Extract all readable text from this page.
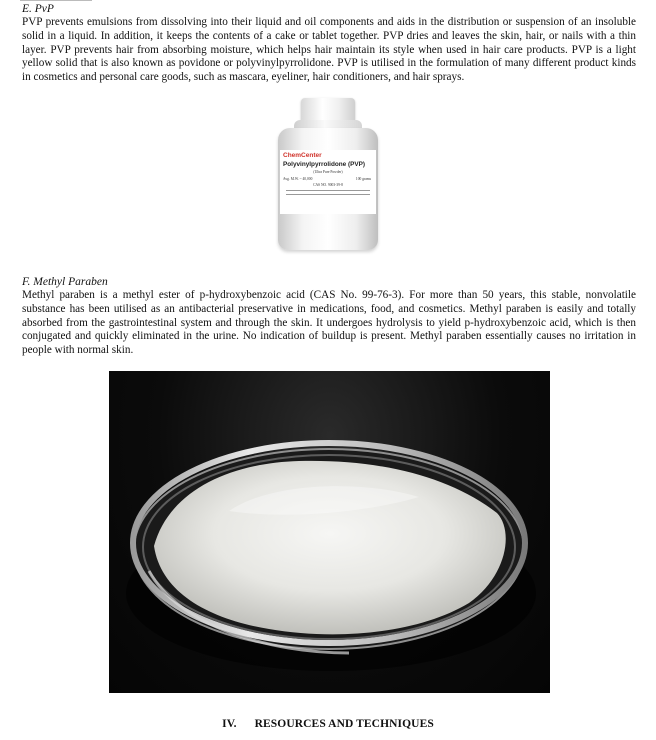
E. PvP

PVP prevents emulsions from dissolving into their liquid and oil components and aids in the distribution or suspension of an insoluble solid in a liquid. In addition, it keeps the contents of a cake or tablet together. PVP dries and leaves the skin, hair, or nails with a thin layer. PVP prevents hair from absorbing moisture, which helps hair maintain its style when used in hair care products. PVP is a light yellow solid that is also known as povidone or polyvinylpyrrolidone. PVP is utilised in the formulation of many different product kinds in cosmetics and personal care goods, such as mascara, eyeliner, hair conditioners, and hair sprays.

ChemCenter
Polyvinylpyrrolidone (PVP)
(Ultra Pure Powder)
Avg. M.W. ~ 40,000	100 grams
CAS NO. 9003-39-8
F. Methyl Paraben

Methyl paraben is a methyl ester of p-hydroxybenzoic acid (CAS No. 99-76-3). For more than 50 years, this stable, nonvolatile substance has been utilised as an antibacterial preservative in medications, food, and cosmetics. Methyl paraben is easily and totally absorbed from the gastrointestinal system and through the skin. It undergoes hydrolysis to yield p-hydroxybenzoic acid, which is then conjugated and quickly eliminated in the urine. No indication of buildup is present. Methyl paraben essentially causes no irritation in people with normal skin.

IV. RESOURCES AND TECHNIQUES
